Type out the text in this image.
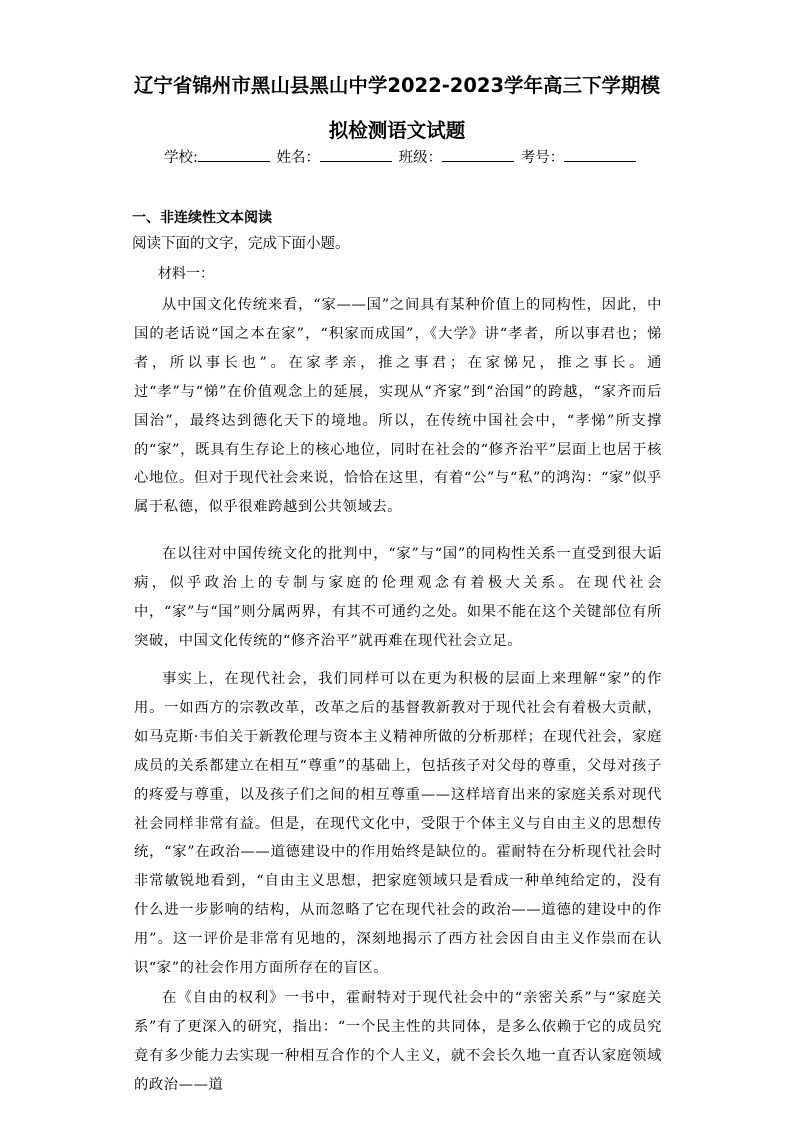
辽宁省锦州市黑山县黑山中学2022-2023学年高三下学期模
拟检测语文试题
学校:	姓名：	班级：	考号：
一、非连续性文本阅读
阅读下面的文字，完成下面小题。
材料一：

从中国文化传统来看，“家——国”之间具有某种价值上的同构性，因此，中国的老话说“国之本在家”，“积家而成国”，《大学》讲“孝者，所以事君也；悌者，所以事长也”。在家孝亲，推之事君；在家悌兄，推之事长。通过“孝”与“悌”在价值观念上的延展，实现从“齐家”到“治国”的跨越，“家齐而后国治”，最终达到德化天下的境地。所以，在传统中国社会中，“孝悌”所支撑的“家”，既具有生存论上的核心地位，同时在社会的“修齐治平”层面上也居于核心地位。但对于现代社会来说，恰恰在这里，有着“公”与“私”的鸿沟：“家”似乎属于私德，似乎很难跨越到公共领域去。

在以往对中国传统文化的批判中，“家”与“国”的同构性关系一直受到很大诟病，似乎政治上的专制与家庭的伦理观念有着极大关系。在现代社会中，“家”与“国”则分属两界，有其不可通约之处。如果不能在这个关键部位有所突破，中国文化传统的“修齐治平”就再难在现代社会立足。

事实上，在现代社会，我们同样可以在更为积极的层面上来理解“家”的作用。一如西方的宗教改革，改革之后的基督教新教对于现代社会有着极大贡献，如马克斯·韦伯关于新教伦理与资本主义精神所做的分析那样；在现代社会，家庭成员的关系都建立在相互“尊重”的基础上，包括孩子对父母的尊重，父母对孩子的疼爱与尊重，以及孩子们之间的相互尊重——这样培育出来的家庭关系对现代社会同样非常有益。但是，在现代文化中，受限于个体主义与自由主义的思想传统，“家”在政治——道德建设中的作用始终是缺位的。霍耐特在分析现代社会时非常敏锐地看到，“自由主义思想，把家庭领域只是看成一种单纯给定的，没有什么进一步影响的结构，从而忽略了它在现代社会的政治——道德的建设中的作用”。这一评价是非常有见地的，深刻地揭示了西方社会因自由主义作祟而在认识“家”的社会作用方面所存在的盲区。

在《自由的权利》一书中，霍耐特对于现代社会中的“亲密关系”与“家庭关系”有了更深入的研究，指出：“一个民主性的共同体，是多么依赖于它的成员究竟有多少能力去实现一种相互合作的个人主义，就不会长久地一直否认家庭领域的政治——道
